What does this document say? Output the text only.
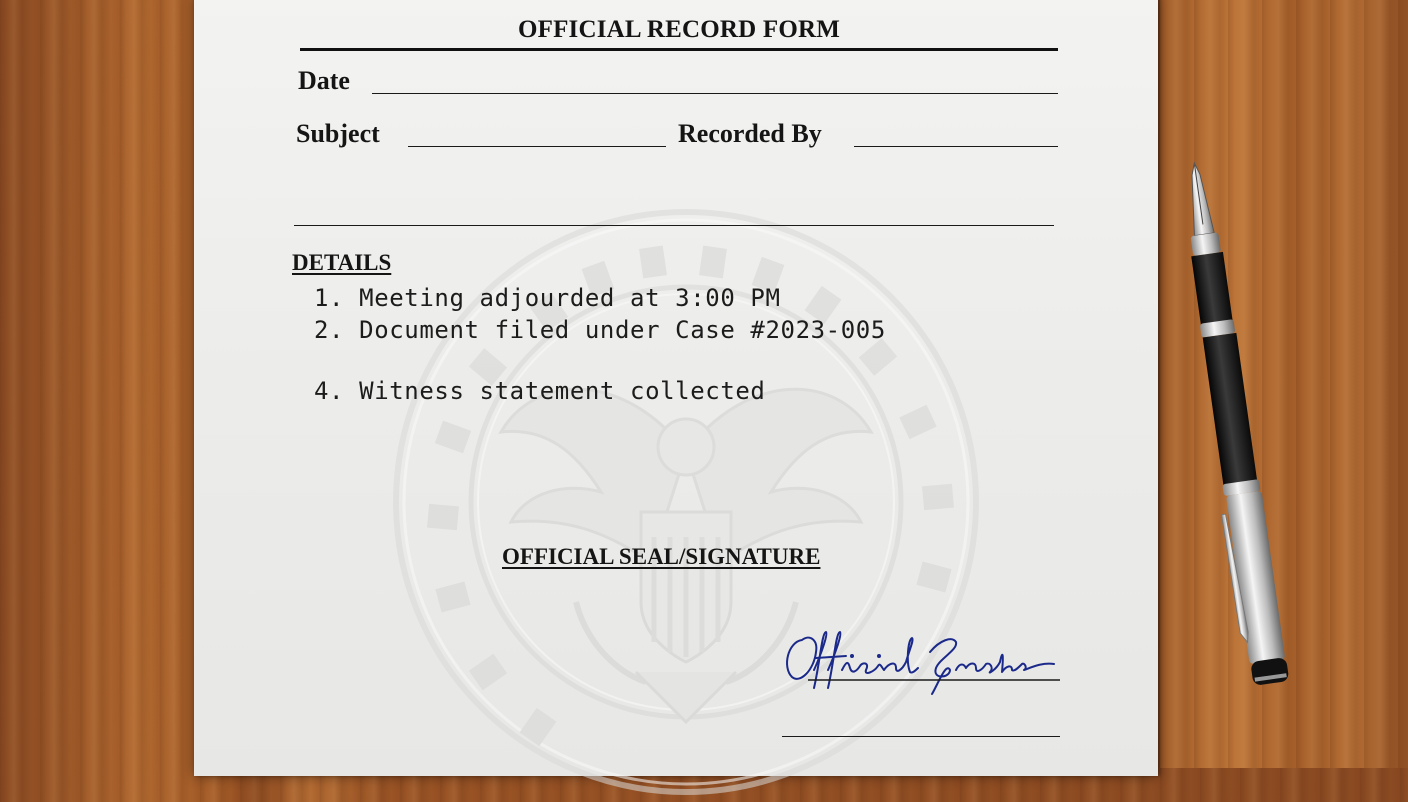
OFFICIAL RECORD FORM
Date
Subject	Recorded By
DETAILS
1. Meeting adjourded at 3:00 PM
2. Document filed under Case #2023-005
4. Witness statement collected
OFFICIAL SEAL/SIGNATURE
